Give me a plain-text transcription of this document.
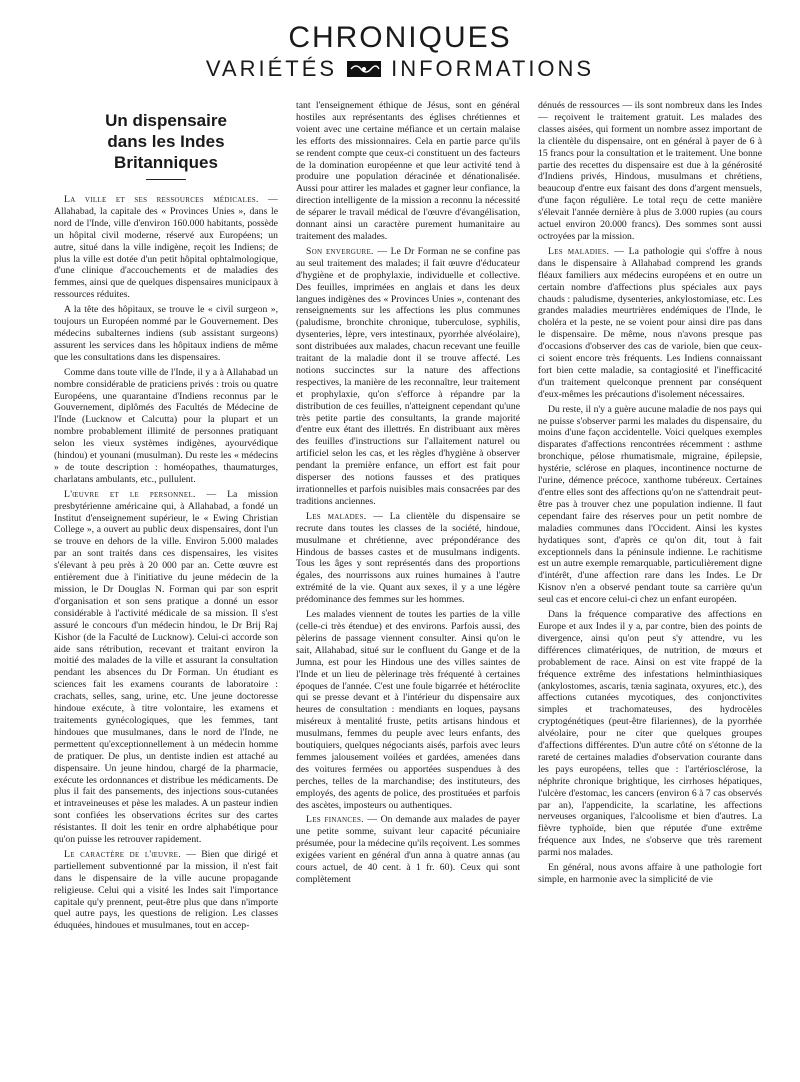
CHRONIQUES
VARIÉTÉS INFORMATIONS
Un dispensaire
dans les Indes Britanniques

La ville et ses ressources médicales. — Allahabad, la capitale des « Provinces Unies », dans le nord de l'Inde, ville d'environ 160.000 habitants, possède un hôpital civil moderne, réservé aux Européens; un autre, situé dans la ville indigène, reçoit les Indiens; de plus la ville est dotée d'un petit hôpital ophtalmologique, d'une clinique d'accouchements et de maladies des femmes, ainsi que de quelques dispensaires municipaux à ressources réduites.

A la tête des hôpitaux, se trouve le « civil surgeon », toujours un Européen nommé par le Gouvernement. Des médecins subalternes indiens (sub assistant surgeons) assurent les services dans les hôpitaux indiens de même que les consultations dans les dispensaires.

Comme dans toute ville de l'Inde, il y a à Allahabad un nombre considérable de praticiens privés : trois ou quatre Européens, une quarantaine d'Indiens reconnus par le Gouvernement, diplômés des Facultés de Médecine de l'Inde (Lucknow et Calcutta) pour la plupart et un nombre probablement illimité de personnes pratiquant selon les vieux systèmes indigènes, ayourvédique (hindou) et younani (musulman). Du reste les « médecins » de toute description : homéopathes, thaumaturges, charlatans ambulants, etc., pullulent.

L'œuvre et le personnel. — La mission presbytérienne américaine qui, à Allahabad, a fondé un Institut d'enseignement supérieur, le « Ewing Christian College », a ouvert au public deux dispensaires, dont l'un se trouve en dehors de la ville. Environ 5.000 malades par an sont traités dans ces dispensaires, les visites s'élevant à peu près à 20 000 par an. Cette œuvre est entièrement due à l'initiative du jeune médecin de la mission, le Dr Douglas N. Forman qui par son esprit d'organisation et son sens pratique a donné un essor considérable à l'activité médicale de sa mission. Il s'est assuré le concours d'un médecin hindou, le Dr Brij Raj Kishor (de la Faculté de Lucknow). Celui-ci accorde son aide sans rétribution, recevant et traitant environ la moitié des malades de la ville et assurant la consultation pendant les absences du Dr Forman. Un étudiant es sciences fait les examens courants de laboratoire : crachats, selles, sang, urine, etc. Une jeune doctoresse hindoue exécute, à titre volontaire, les examens et traitements gynécologiques, que les femmes, tant hindoues que musulmanes, dans le nord de l'Inde, ne permettent qu'exceptionnellement à un médecin homme de pratiquer. De plus, un dentiste indien est attaché au dispensaire. Un jeune hindou, chargé de la pharmacie, exécute les ordonnances et distribue les médicaments. De plus il fait des pansements, des injections sous-cutanées et intraveineuses et pèse les malades. A un pasteur indien sont confiées les observations écrites sur des cartes résistantes. Il doit les tenir en ordre alphabétique pour qu'on puisse les retrouver rapidement.

Le caractère de l'œuvre. — Bien que dirigé et partiellement subventionné par la mission, il n'est fait dans le dispensaire de la ville aucune propagande religieuse. Celui qui a visité les Indes sait l'importance capitale qu'y prennent, peut-être plus que dans n'importe quel autre pays, les questions de religion. Les classes éduquées, hindoues et musulmanes, tout en accep-

tant l'enseignement éthique de Jésus, sont en général hostiles aux représentants des églises chrétiennes et voient avec une certaine méfiance et un certain malaise les efforts des missionnaires. Cela en partie parce qu'ils se rendent compte que ceux-ci constituent un des facteurs de la domination européenne et que leur activité tend à produire une population déracinée et dénationalisée. Aussi pour attirer les malades et gagner leur confiance, la direction intelligente de la mission a reconnu la nécessité de séparer le travail médical de l'œuvre d'évangélisation, donnant ainsi un caractère purement humanitaire au traitement des malades.

Son envergure. — Le Dr Forman ne se confine pas au seul traitement des malades; il fait œuvre d'éducateur d'hygiène et de prophylaxie, individuelle et collective. Des feuilles, imprimées en anglais et dans les deux langues indigènes des « Provinces Unies », contenant des renseignements sur les affections les plus communes (paludisme, bronchite chronique, tuberculose, syphilis, dysenteries, lèpre, vers intestinaux, pyorrhée alvéolaire), sont distribuées aux malades, chacun recevant une feuille traitant de la maladie dont il se trouve affecté. Les notions succinctes sur la nature des affections respectives, la manière de les reconnaître, leur traitement et prophylaxie, qu'on s'efforce à répandre par la distribution de ces feuilles, n'atteignent cependant qu'une très petite partie des consultants, la grande majorité d'entre eux étant des illettrés. En distribuant aux mères des feuilles d'instructions sur l'allaitement naturel ou artificiel selon les cas, et les règles d'hygiène à observer pendant la première enfance, un effort est fait pour disperser des notions fausses et des pratiques irrationnelles et parfois nuisibles mais consacrées par des traditions anciennes.

Les malades. — La clientèle du dispensaire se recrute dans toutes les classes de la société, hindoue, musulmane et chrétienne, avec prépondérance des Hindous de basses castes et de musulmans indigents. Tous les âges y sont représentés dans des proportions égales, des nourrissons aux ruines humaines à l'autre extrémité de la vie. Quant aux sexes, il y a une légère prédominance des femmes sur les hommes.

Les malades viennent de toutes les parties de la ville (celle-ci très étendue) et des environs. Parfois aussi, des pèlerins de passage viennent consulter. Ainsi qu'on le sait, Allahabad, situé sur le confluent du Gange et de la Jumna, est pour les Hindous une des villes saintes de l'Inde et un lieu de pèlerinage très fréquenté à certaines époques de l'année. C'est une foule bigarrée et hétéroclite qui se presse devant et à l'intérieur du dispensaire aux heures de consultation : mendiants en loques, paysans miséreux à mentalité fruste, petits artisans hindous et musulmans, femmes du peuple avec leurs enfants, des boutiquiers, quelques négociants aisés, parfois avec leurs femmes jalousement voilées et gardées, amenées dans des voitures fermées ou apportées suspendues à des perches, telles de la marchandise; des instituteurs, des employés, des agents de police, des prostituées et parfois des ascètes, imposteurs ou authentiques.

Les finances. — On demande aux malades de payer une petite somme, suivant leur capacité pécuniaire présumée, pour la médecine qu'ils reçoivent. Les sommes exigées varient en général d'un anna à quatre annas (au cours actuel, de 40 cent. à 1 fr. 60). Ceux qui sont complètement

dénués de ressources — ils sont nombreux dans les Indes — reçoivent le traitement gratuit. Les malades des classes aisées, qui forment un nombre assez important de la clientèle du dispensaire, ont en général à payer de 6 à 15 francs pour la consultation et le traitement. Une bonne partie des recettes du dispensaire est due à la générosité d'Indiens privés, Hindous, musulmans et chrétiens, beaucoup d'entre eux faisant des dons d'argent mensuels, d'une façon régulière. Le total reçu de cette manière s'élevait l'année dernière à plus de 3.000 rupies (au cours actuel environ 20.000 francs). Des sommes sont aussi octroyées par la mission.

Les maladies. — La pathologie qui s'offre à nous dans le dispensaire à Allahabad comprend les grands fléaux familiers aux médecins européens et en outre un certain nombre d'affections plus spéciales aux pays chauds : paludisme, dysenteries, ankylostomiase, etc. Les grandes maladies meurtrières endémiques de l'Inde, le choléra et la peste, ne se voient pour ainsi dire pas dans le dispensaire. De même, nous n'avons presque pas d'occasions d'observer des cas de variole, bien que ceux-ci soient encore très fréquents. Les Indiens connaissant fort bien cette maladie, sa contagiosité et l'inefficacité d'un traitement quelconque prennent par conséquent d'eux-mêmes les précautions d'isolement nécessaires.

Du reste, il n'y a guère aucune maladie de nos pays qui ne puisse s'observer parmi les malades du dispensaire, du moins d'une façon accidentelle. Voici quelques exemples disparates d'affections rencontrées récemment : asthme bronchique, pélose rhumatismale, migraine, épilepsie, hystérie, sclérose en plaques, incontinence nocturne de l'urine, démence précoce, xanthome tubéreux. Certaines d'entre elles sont des affections qu'on ne s'attendrait peut-être pas à trouver chez une population indienne. Il faut cependant faire des réserves pour un petit nombre de maladies communes dans l'Occident. Ainsi les kystes hydatiques sont, d'après ce qu'on dit, tout à fait exceptionnels dans la péninsule indienne. Le rachitisme est un autre exemple remarquable, particulièrement digne d'intérêt, d'une affection rare dans les Indes. Le Dr Kisnov n'en a observé pendant toute sa carrière qu'un seul cas et encore celui-ci chez un enfant européen.

Dans la fréquence comparative des affections en Europe et aux Indes il y a, par contre, bien des points de divergence, ainsi qu'on peut s'y attendre, vu les différences climatériques, de nutrition, de mœurs et probablement de race. Ainsi on est vite frappé de la fréquence extrême des infestations helminthiasiques (ankylostomes, ascaris, tænia saginata, oxyures, etc.), des affections cutanées mycotiques, des conjonctivites simples et trachomateuses, des hydrocèles cryptogénétiques (peut-être filariennes), de la pyorrhée alvéolaire, pour ne citer que quelques groupes d'affections différentes. D'un autre côté on s'étonne de la rareté de certaines maladies d'observation courante dans les pays européens, telles que : l'artériosclérose, la néphrite chronique brightique, les cirrhoses hépatiques, l'ulcère d'estomac, les cancers (environ 6 à 7 cas observés par an), l'appendicite, la scarlatine, les affections nerveuses organiques, l'alcoolisme et bien d'autres. La fièvre typhoïde, bien que réputée d'une extrême fréquence aux Indes, ne s'observe que très rarement parmi nos malades.

En général, nous avons affaire à une pathologie fort simple, en harmonie avec la simplicité de vie
